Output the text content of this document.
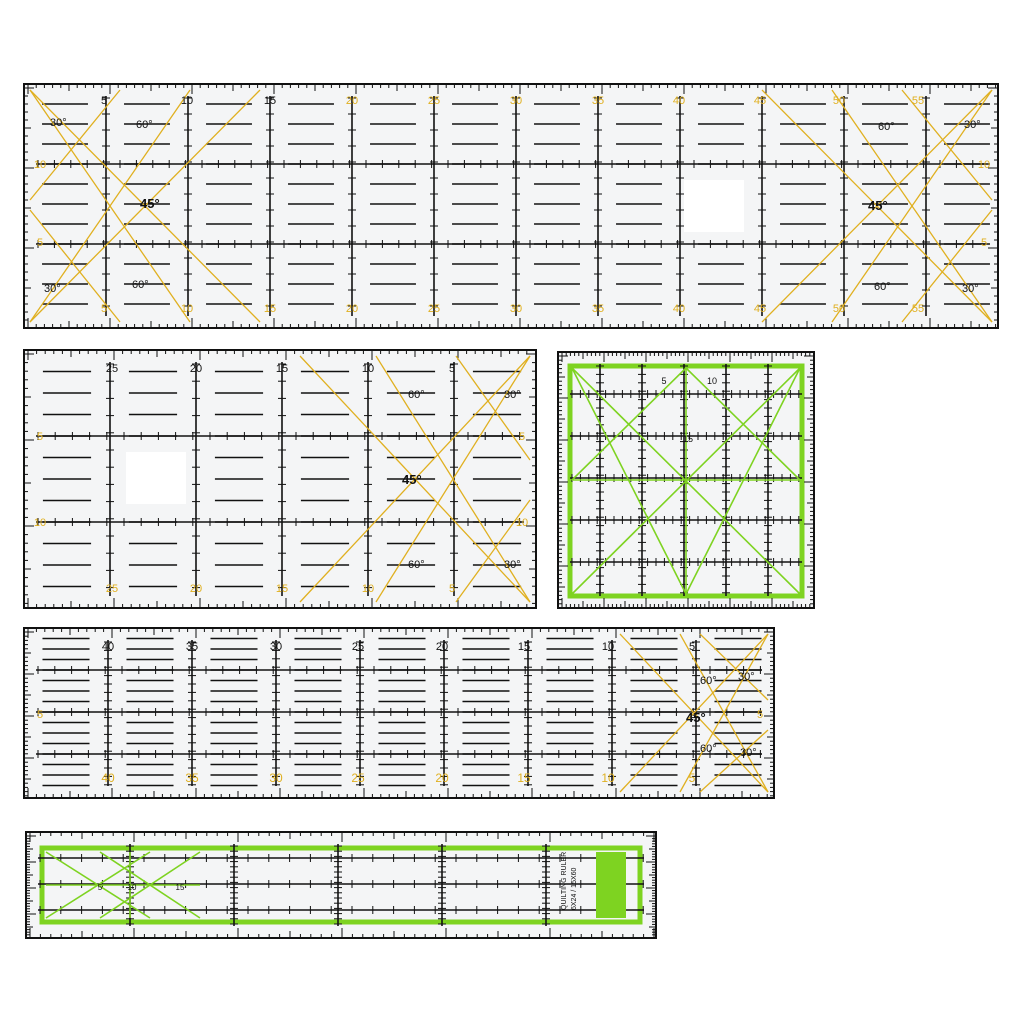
5	10	15	20	25	30	35	40	45	50	55
5	10	15	20	25	30	35	40	45	50	55
10
5
10
5
30°	60°
45°
60°
30°
60°	30°
45°
60°	30°
25	20	15	10	5
25	20	15	10	5
5
10
5
10
60°	30°
45°
60°	30°
5	10
15
40	35	30	25	20	15	10	5
40	35	30	25	20	15	10	5
5	5
60° 30°
45°
60° 30°
QUILTING RULER 6X24 / 15X60
5	10	15
